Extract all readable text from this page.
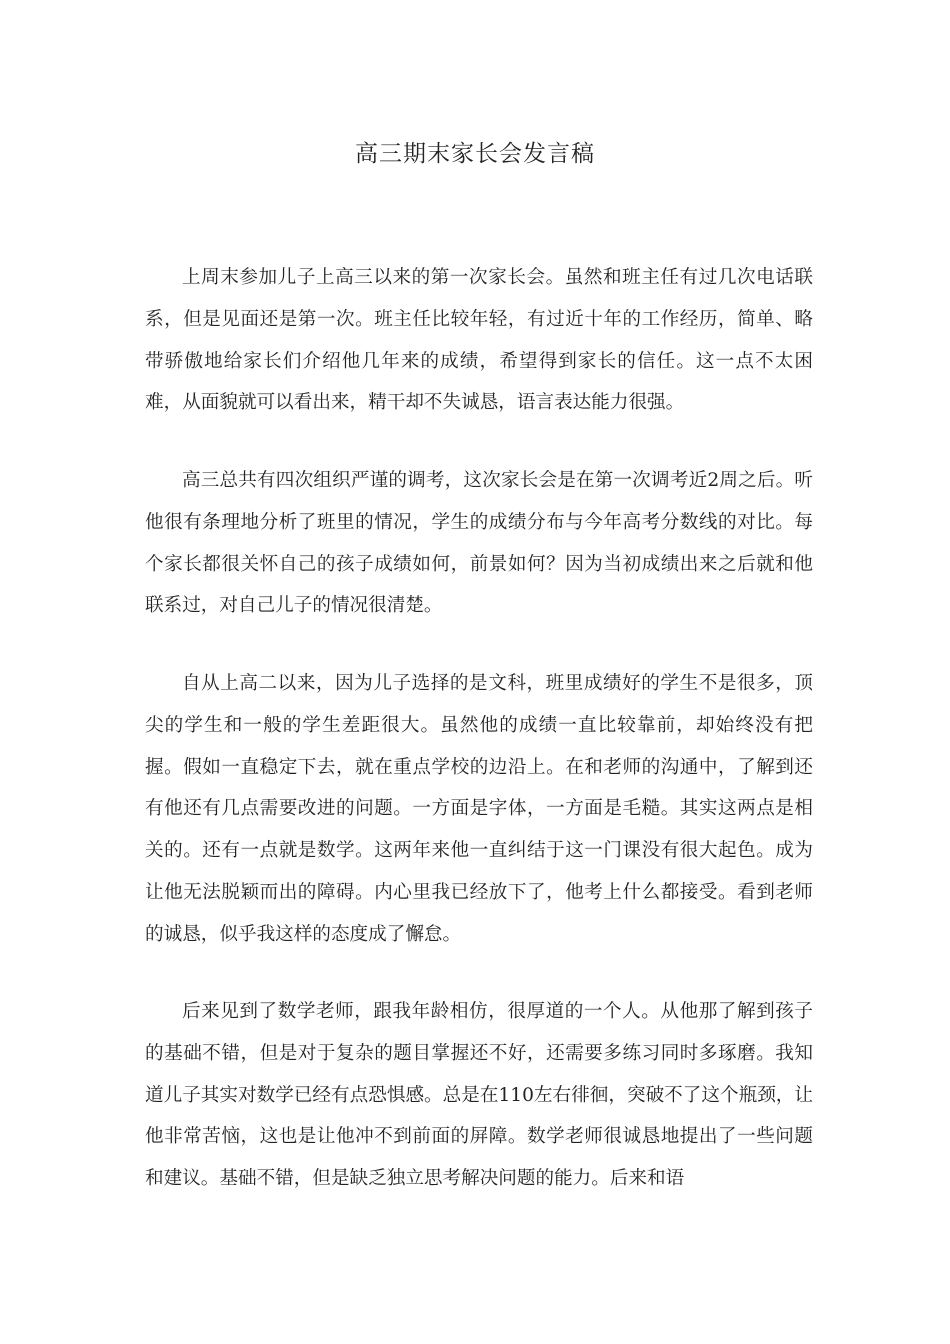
高三期末家长会发言稿

上周末参加儿子上高三以来的第一次家长会。虽然和班主任有过几次电话联系，但是见面还是第一次。班主任比较年轻，有过近十年的工作经历，简单、略带骄傲地给家长们介绍他几年来的成绩，希望得到家长的信任。这一点不太困难，从面貌就可以看出来，精干却不失诚恳，语言表达能力很强。

高三总共有四次组织严谨的调考，这次家长会是在第一次调考近2周之后。听他很有条理地分析了班里的情况，学生的成绩分布与今年高考分数线的对比。每个家长都很关怀自己的孩子成绩如何，前景如何？因为当初成绩出来之后就和他联系过，对自己儿子的情况很清楚。

自从上高二以来，因为儿子选择的是文科，班里成绩好的学生不是很多，顶尖的学生和一般的学生差距很大。虽然他的成绩一直比较靠前，却始终没有把握。假如一直稳定下去，就在重点学校的边沿上。在和老师的沟通中，了解到还有他还有几点需要改进的问题。一方面是字体，一方面是毛糙。其实这两点是相关的。还有一点就是数学。这两年来他一直纠结于这一门课没有很大起色。成为让他无法脱颖而出的障碍。内心里我已经放下了，他考上什么都接受。看到老师的诚恳，似乎我这样的态度成了懈怠。

后来见到了数学老师，跟我年龄相仿，很厚道的一个人。从他那了解到孩子的基础不错，但是对于复杂的题目掌握还不好，还需要多练习同时多琢磨。我知道儿子其实对数学已经有点恐惧感。总是在110左右徘徊，突破不了这个瓶颈，让他非常苦恼，这也是让他冲不到前面的屏障。数学老师很诚恳地提出了一些问题和建议。基础不错，但是缺乏独立思考解决问题的能力。后来和语
